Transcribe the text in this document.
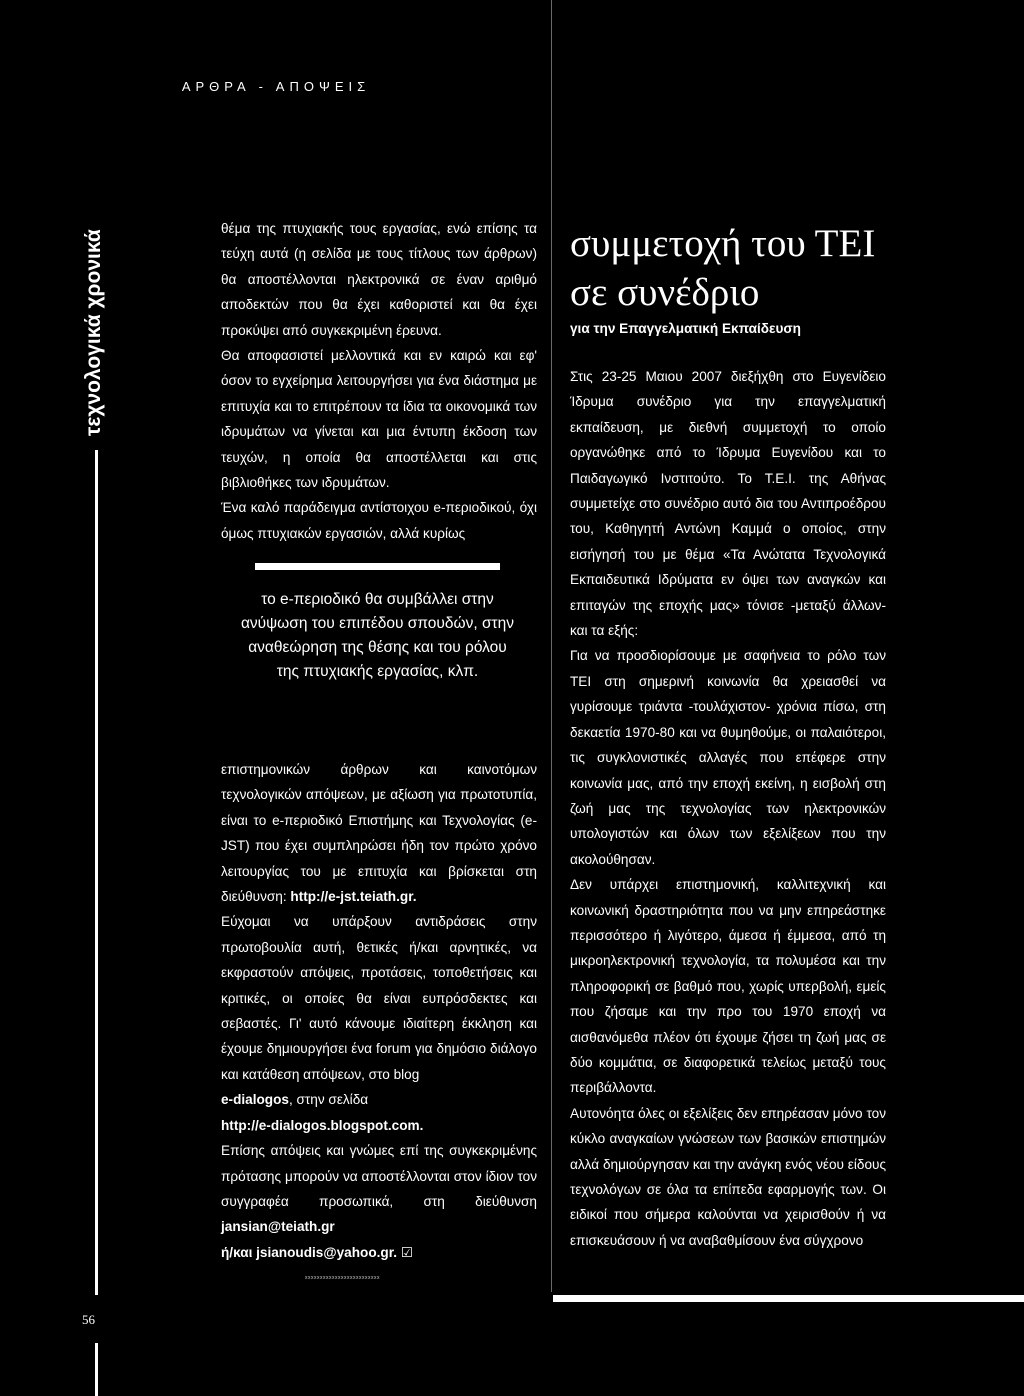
ΑΡΘΡΑ - ΑΠΟΨΕΙΣ
τεχνολογικά χρονικά
56

θέμα της πτυχιακής τους εργασίας, ενώ επίσης τα τεύχη αυτά (η σελίδα με τους τίτλους των άρθρων) θα αποστέλλονται ηλεκτρονικά σε έναν αριθμό αποδεκτών που θα έχει καθοριστεί και θα έχει προκύψει από συγκεκριμένη έρευνα.

Θα αποφασιστεί μελλοντικά και εν καιρώ και εφ' όσον το εγχείρημα λειτουργήσει για ένα διάστημα με επιτυχία και το επιτρέπουν τα ίδια τα οικονομικά των ιδρυμάτων να γίνεται και μια έντυπη έκδοση των τευχών, η οποία θα αποστέλλεται και στις βιβλιοθήκες των ιδρυμάτων.

Ένα καλό παράδειγμα αντίστοιχου e-περιοδικού, όχι όμως πτυχιακών εργασιών, αλλά κυρίως

το e-περιοδικό θα συμβάλλει στην ανύψωση του επιπέδου σπουδών, στην αναθεώρηση της θέσης και του ρόλου της πτυχιακής εργασίας, κλπ.

επιστημονικών άρθρων και καινοτόμων τεχνολογικών απόψεων, με αξίωση για πρωτοτυπία, είναι το e-περιοδικό Επιστήμης και Τεχνολογίας (e-JST) που έχει συμπληρώσει ήδη τον πρώτο χρόνο λειτουργίας του με επιτυχία και βρίσκεται στη διεύθυνση: http://e-jst.teiath.gr.

Εύχομαι να υπάρξουν αντιδράσεις στην πρωτοβουλία αυτή, θετικές ή/και αρνητικές, να εκφραστούν απόψεις, προτάσεις, τοποθετήσεις και κριτικές, οι οποίες θα είναι ευπρόσδεκτες και σεβαστές. Γι' αυτό κάνουμε ιδιαίτερη έκκληση και έχουμε δημιουργήσει ένα forum για δημόσιο διάλογο και κατάθεση απόψεων, στο blog
e-dialogos, στην σελίδα
http://e-dialogos.blogspot.com.

Επίσης απόψεις και γνώμες επί της συγκεκριμένης πρότασης μπορούν να αποστέλλονται στον ίδιον τον συγγραφέα προσωπικά, στη διεύθυνση jansian@teiath.gr
ή/και jsianoudis@yahoo.gr. ☑

xxxxxxxxxxxxxxxxxxxxxxxxx
συμμετοχή του ΤΕΙ σε συνέδριο
για την Επαγγελματική Εκπαίδευση

Στις 23-25 Μαιου 2007 διεξήχθη στο Ευγενίδειο Ίδρυμα συνέδριο για την επαγγελματική εκπαίδευση, με διεθνή συμμετοχή το οποίο οργανώθηκε από το Ίδρυμα Ευγενίδου και το Παιδαγωγικό Ινστιτούτο. Το Τ.Ε.Ι. της Αθήνας συμμετείχε στο συνέδριο αυτό δια του Αντιπροέδρου του, Καθηγητή Αντώνη Καμμά ο οποίος, στην εισήγησή του με θέμα «Τα Ανώτατα Τεχνολογικά Εκπαιδευτικά Ιδρύματα εν όψει των αναγκών και επιταγών της εποχής μας» τόνισε -μεταξύ άλλων- και τα εξής:

Για να προσδιορίσουμε με σαφήνεια το ρόλο των ΤΕΙ στη σημερινή κοινωνία θα χρειασθεί να γυρίσουμε τριάντα -τουλάχιστον- χρόνια πίσω, στη δεκαετία 1970-80 και να θυμηθούμε, οι παλαιότεροι, τις συγκλονιστικές αλλαγές που επέφερε στην κοινωνία μας, από την εποχή εκείνη, η εισβολή στη ζωή μας της τεχνολογίας των ηλεκτρονικών υπολογιστών και όλων των εξελίξεων που την ακολούθησαν.

Δεν υπάρχει επιστημονική, καλλιτεχνική και κοινωνική δραστηριότητα που να μην επηρεάστηκε περισσότερο ή λιγότερο, άμεσα ή έμμεσα, από τη μικροηλεκτρονική τεχνολογία, τα πολυμέσα και την πληροφορική σε βαθμό που, χωρίς υπερβολή, εμείς που ζήσαμε και την προ του 1970 εποχή να αισθανόμεθα πλέον ότι έχουμε ζήσει τη ζωή μας σε δύο κομμάτια, σε διαφορετικά τελείως μεταξύ τους περιβάλλοντα.

Αυτονόητα όλες οι εξελίξεις δεν επηρέασαν μόνο τον κύκλο αναγκαίων γνώσεων των βασικών επιστημών αλλά δημιούργησαν και την ανάγκη ενός νέου είδους τεχνολόγων σε όλα τα επίπεδα εφαρμογής των. Οι ειδικοί που σήμερα καλούνται να χειρισθούν ή να επισκευάσουν ή να αναβαθμίσουν ένα σύγχρονο
